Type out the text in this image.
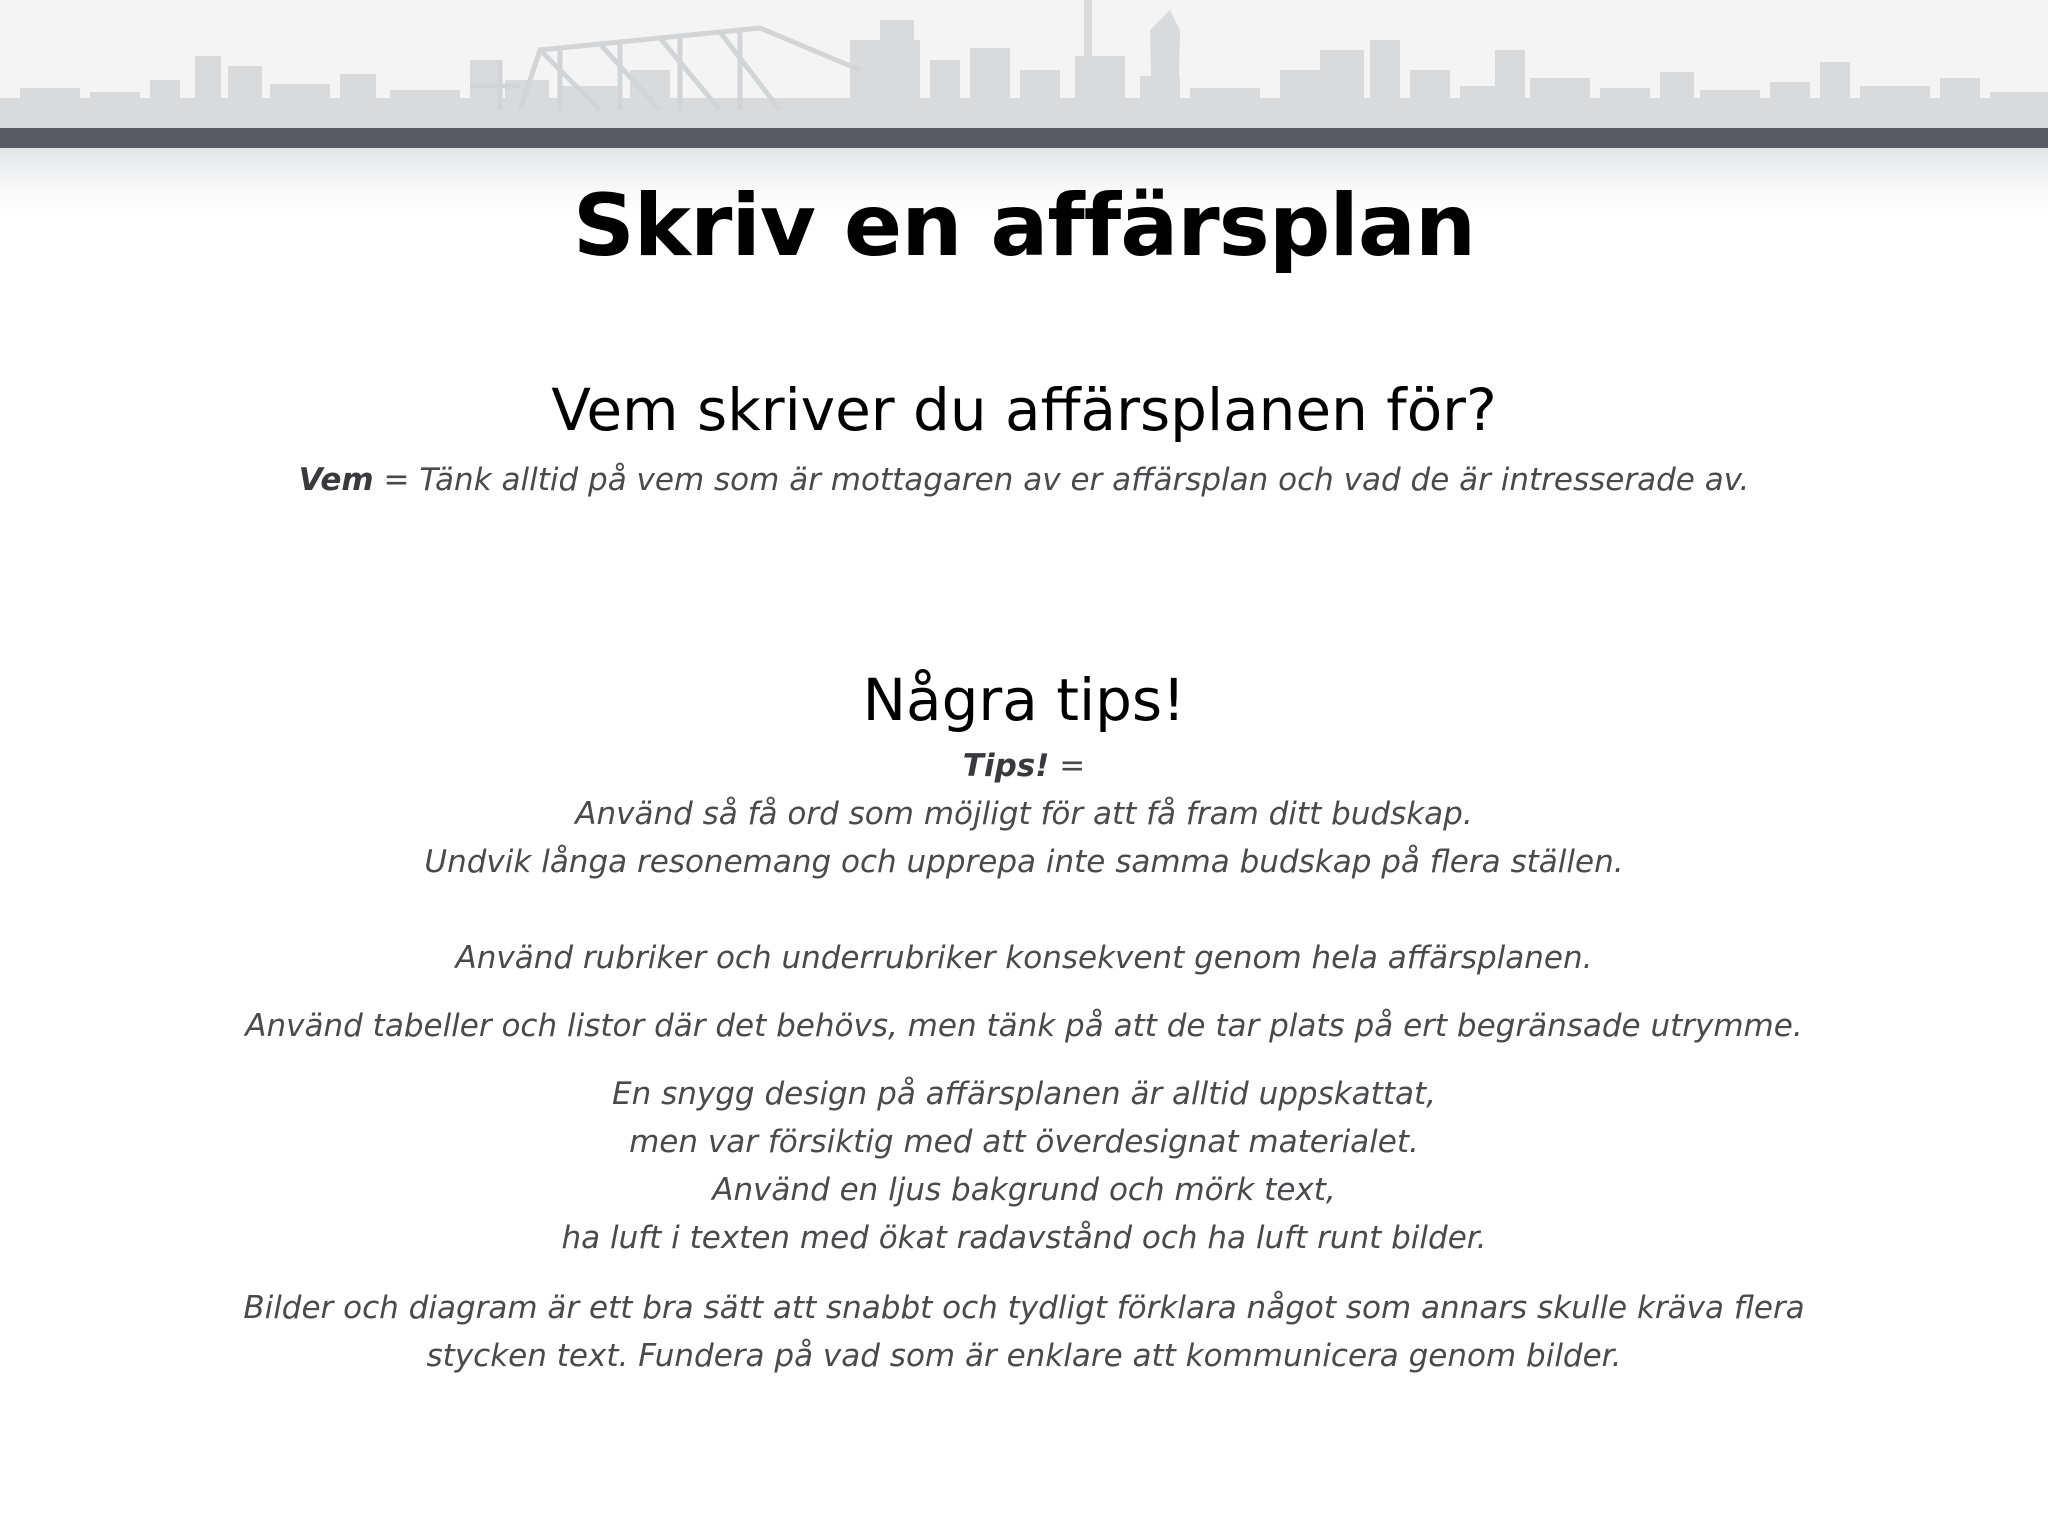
Skriv en affärsplan
Vem skriver du affärsplanen för?
Vem = Tänk alltid på vem som är mottagaren av er affärsplan och vad de är intresserade av.
Några tips!
Tips! =
Använd så få ord som möjligt för att få fram ditt budskap.
Undvik långa resonemang och upprepa inte samma budskap på flera ställen.
Använd rubriker och underrubriker konsekvent genom hela affärsplanen.
Använd tabeller och listor där det behövs, men tänk på att de tar plats på ert begränsade utrymme.
En snygg design på affärsplanen är alltid uppskattat,
men var försiktig med att överdesignat materialet.
Använd en ljus bakgrund och mörk text,
ha luft i texten med ökat radavstånd och ha luft runt bilder.
Bilder och diagram är ett bra sätt att snabbt och tydligt förklara något som annars skulle kräva flera
stycken text. Fundera på vad som är enklare att kommunicera genom bilder.
